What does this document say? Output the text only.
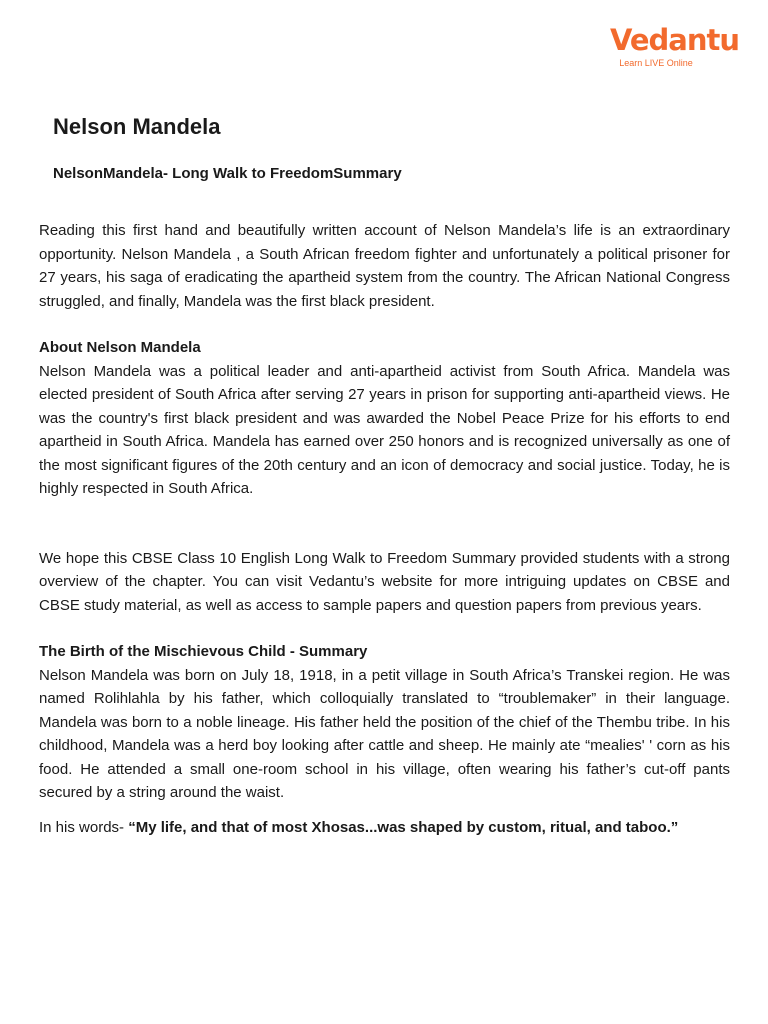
Vedantu
Learn LIVE Online
Nelson Mandela
NelsonMandela- Long Walk to FreedomSummary

Reading this first hand and beautifully written account of Nelson Mandela’s life is an extraordinary opportunity. Nelson Mandela , a South African freedom fighter and unfortunately a political prisoner for 27 years, his saga of eradicating the apartheid system from the country. The African National Congress struggled, and finally, Mandela was the first black president.

About Nelson Mandela

Nelson Mandela was a political leader and anti-apartheid activist from South Africa. Mandela was elected president of South Africa after serving 27 years in prison for supporting anti-apartheid views. He was the country's first black president and was awarded the Nobel Peace Prize for his efforts to end apartheid in South Africa. Mandela has earned over 250 honors and is recognized universally as one of the most significant figures of the 20th century and an icon of democracy and social justice. Today, he is highly respected in South Africa.

We hope this CBSE Class 10 English Long Walk to Freedom Summary provided students with a strong overview of the chapter. You can visit Vedantu’s website for more intriguing updates on CBSE and CBSE study material, as well as access to sample papers and question papers from previous years.

The Birth of the Mischievous Child - Summary

Nelson Mandela was born on July 18, 1918, in a petit village in South Africa’s Transkei region. He was named Rolihlahla by his father, which colloquially translated to “troublemaker” in their language. Mandela was born to a noble lineage. His father held the position of the chief of the Thembu tribe. In his childhood, Mandela was a herd boy looking after cattle and sheep. He mainly ate “mealies' ' corn as his food. He attended a small one-room school in his village, often wearing his father’s cut-off pants secured by a string around the waist.

In his words- “My life, and that of most Xhosas...was shaped by custom, ritual, and taboo.”
